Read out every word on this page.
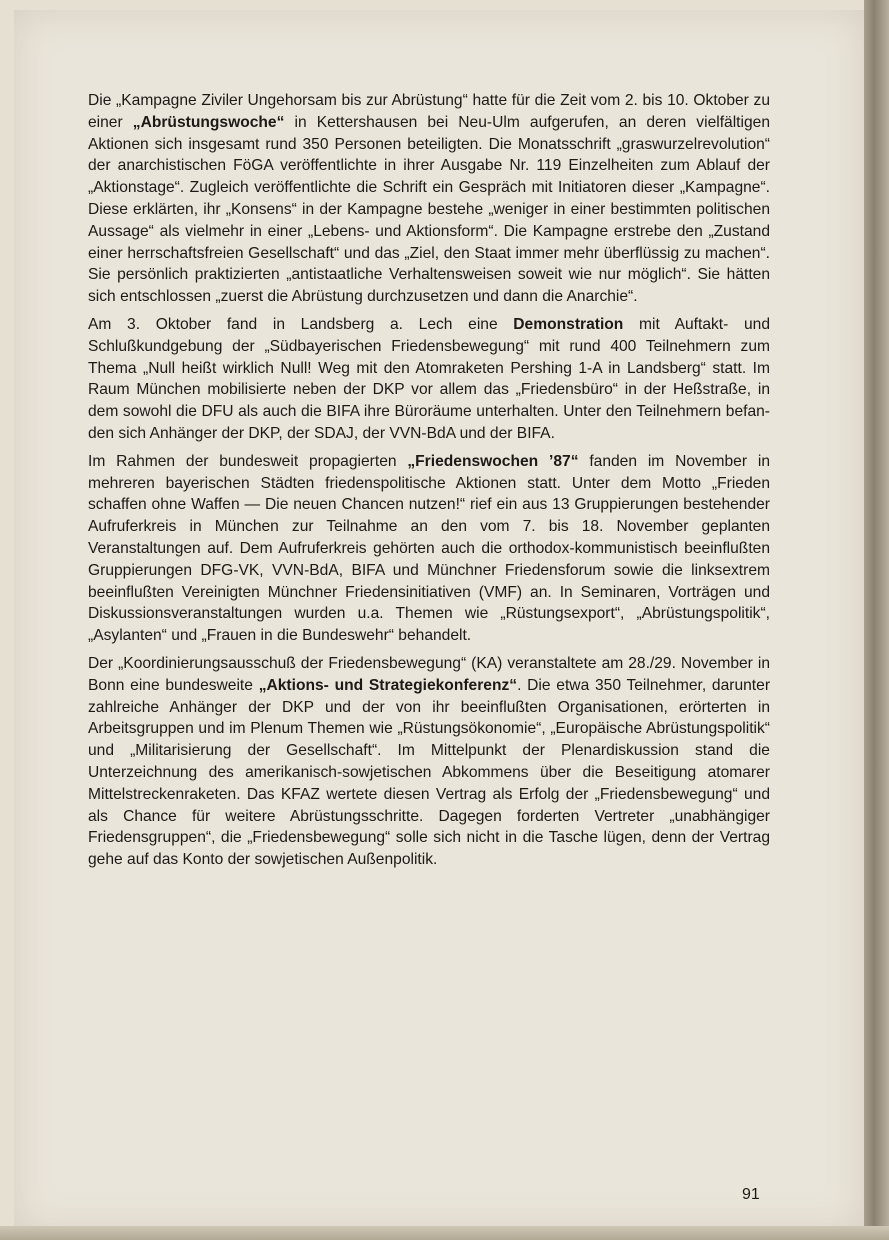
Die „Kampagne Ziviler Ungehorsam bis zur Abrüstung“ hatte für die Zeit vom 2. bis 10. Oktober zu einer „Abrüstungswoche“ in Kettershausen bei Neu-Ulm aufgerufen, an deren vielfältigen Aktionen sich insgesamt rund 350 Personen beteiligten. Die Monatsschrift „graswurzelrevolution“ der anarchistischen FöGA veröffentlichte in ihrer Ausgabe Nr. 119 Einzelheiten zum Ablauf der „Aktionstage“. Zugleich veröffentlichte die Schrift ein Gespräch mit Initiatoren dieser „Kampagne“. Diese erklärten, ihr „Konsens“ in der Kampagne bestehe „weniger in einer bestimmten politischen Aussage“ als vielmehr in einer „Lebens- und Aktionsform“. Die Kampagne erstrebe den „Zustand einer herrschaftsfreien Gesellschaft“ und das „Ziel, den Staat immer mehr überflüssig zu machen“. Sie persönlich praktizierten „antistaatliche Verhaltensweisen soweit wie nur möglich“. Sie hätten sich entschlossen „zuerst die Abrüstung durchzusetzen und dann die Anarchie“.

Am 3. Oktober fand in Landsberg a. Lech eine Demonstration mit Auftakt- und Schlußkundgebung der „Südbayerischen Friedensbewegung“ mit rund 400 Teilnehmern zum Thema „Null heißt wirklich Null! Weg mit den Atomraketen Pershing 1-A in Landsberg“ statt. Im Raum München mobilisierte neben der DKP vor allem das „Friedensbüro“ in der Heßstraße, in dem sowohl die DFU als auch die BIFA ihre Büroräume unterhalten. Unter den Teilnehmern befanden sich Anhänger der DKP, der SDAJ, der VVN-BdA und der BIFA.

Im Rahmen der bundesweit propagierten „Friedenswochen ’87“ fanden im November in mehreren bayerischen Städten friedenspolitische Aktionen statt. Unter dem Motto „Frieden schaffen ohne Waffen — Die neuen Chancen nutzen!“ rief ein aus 13 Gruppierungen bestehender Aufruferkreis in München zur Teilnahme an den vom 7. bis 18. November geplanten Veranstaltungen auf. Dem Aufruferkreis gehörten auch die orthodox-kommunistisch beeinflußten Gruppierungen DFG-VK, VVN-BdA, BIFA und Münchner Friedensforum sowie die linksextrem beeinflußten Vereinigten Münchner Friedensinitiativen (VMF) an. In Seminaren, Vorträgen und Diskussionsveranstaltungen wurden u.a. Themen wie „Rüstungsexport“, „Abrüstungspolitik“, „Asylanten“ und „Frauen in die Bundeswehr“ behandelt.

Der „Koordinierungsausschuß der Friedensbewegung“ (KA) veranstaltete am 28./29. November in Bonn eine bundesweite „Aktions- und Strategiekonferenz“. Die etwa 350 Teilnehmer, darunter zahlreiche Anhänger der DKP und der von ihr beeinflußten Organisationen, erörterten in Arbeitsgruppen und im Plenum Themen wie „Rüstungsökonomie“, „Europäische Abrüstungspolitik“ und „Militarisierung der Gesellschaft“. Im Mittelpunkt der Plenardiskussion stand die Unterzeichnung des amerikanisch-sowjetischen Abkommens über die Beseitigung atomarer Mittelstreckenraketen. Das KFAZ wertete diesen Vertrag als Erfolg der „Friedensbewegung“ und als Chance für weitere Abrüstungsschritte. Dagegen forderten Vertreter „unabhängiger Friedensgruppen“, die „Friedensbewegung“ solle sich nicht in die Tasche lügen, denn der Vertrag gehe auf das Konto der sowjetischen Außenpolitik.

91
